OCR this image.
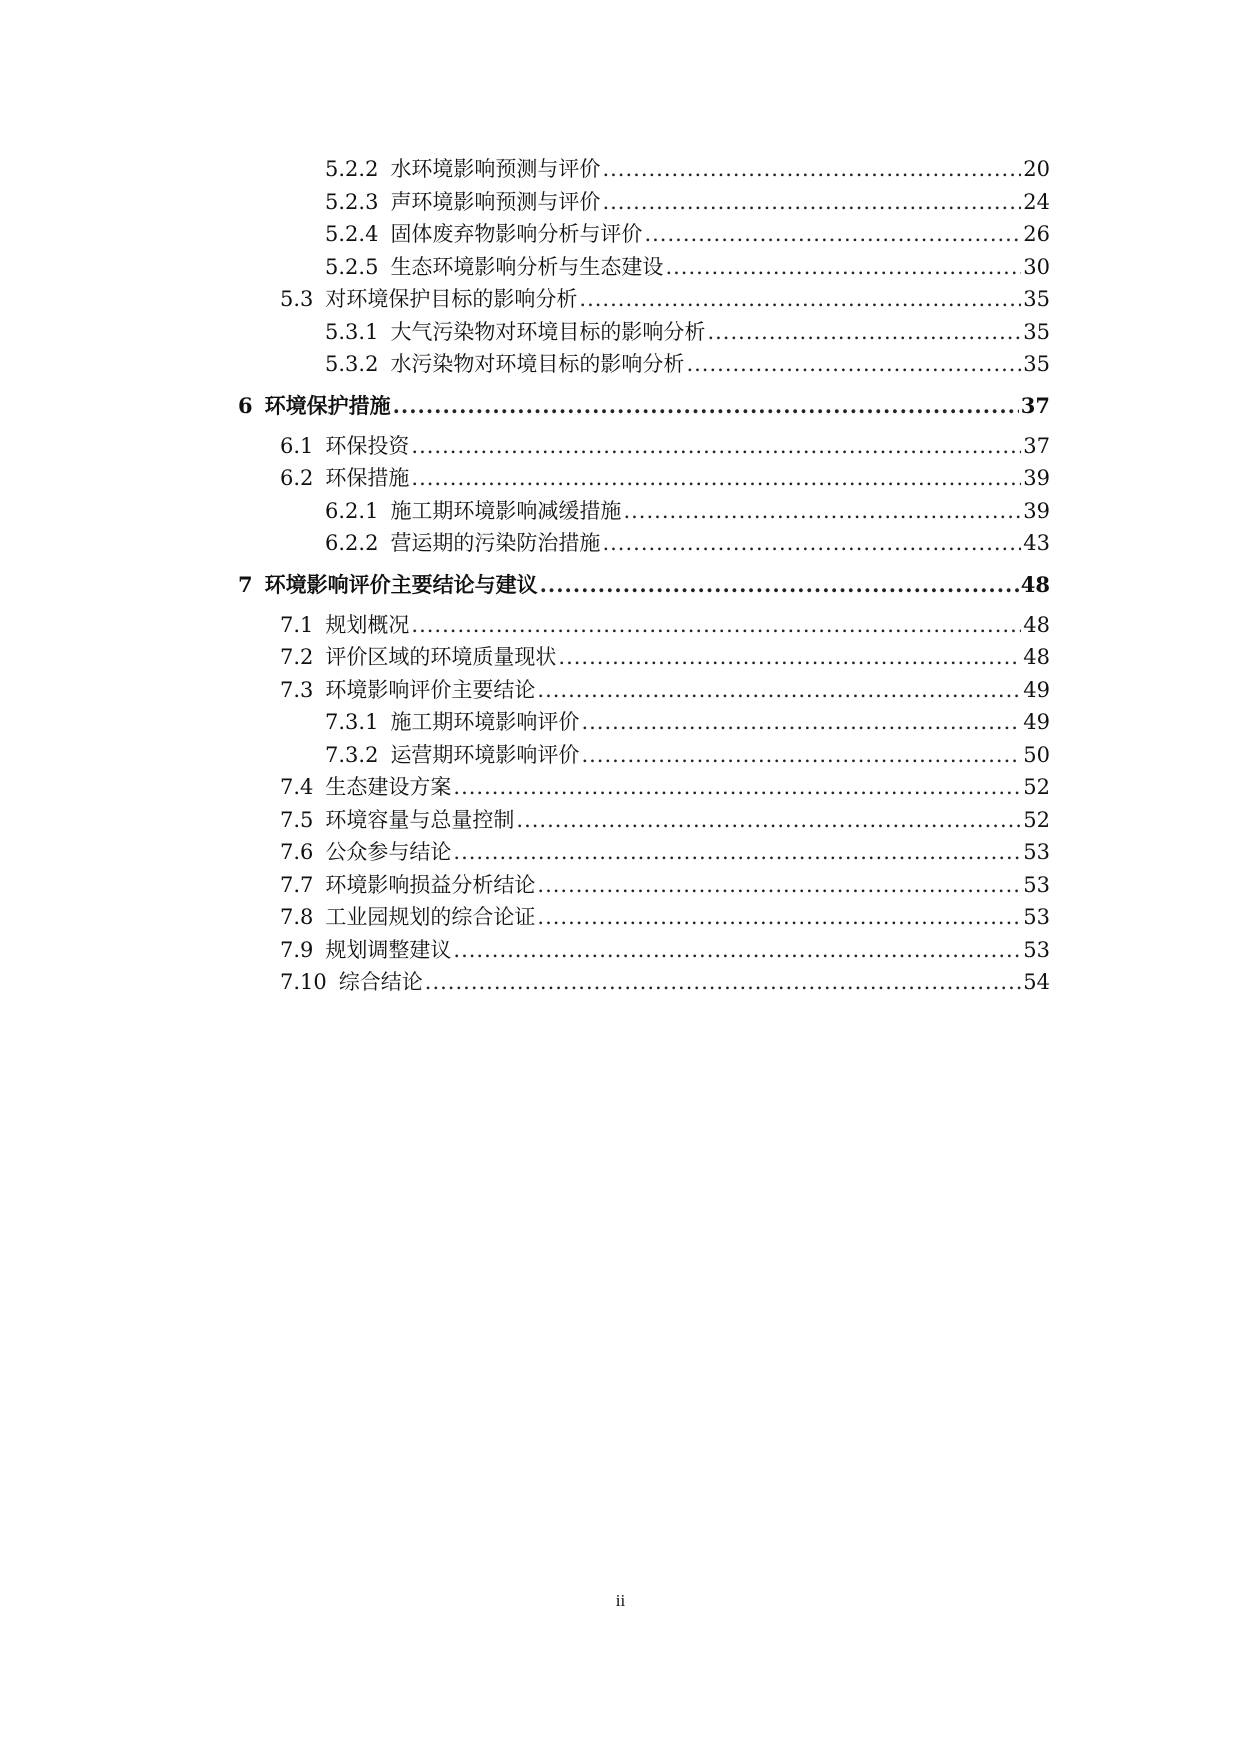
5.2.2 水环境影响预测与评价 .....	20
5.2.3 声环境影响预测与评价 .....	24
5.2.4 固体废弃物影响分析与评价 .....	26
5.2.5 生态环境影响分析与生态建设 .....	30
5.3 对环境保护目标的影响分析 .....	35
5.3.1 大气污染物对环境目标的影响分析 .....	35
5.3.2 水污染物对环境目标的影响分析 .....	35
6 环境保护措施 .....	37
6.1 环保投资 .....	37
6.2 环保措施 .....	39
6.2.1 施工期环境影响减缓措施 .....	39
6.2.2 营运期的污染防治措施 .....	43
7 环境影响评价主要结论与建议 .....	48
7.1 规划概况 .....	48
7.2 评价区域的环境质量现状 .....	48
7.3 环境影响评价主要结论 .....	49
7.3.1 施工期环境影响评价 .....	49
7.3.2 运营期环境影响评价 .....	50
7.4 生态建设方案 .....	52
7.5 环境容量与总量控制 .....	52
7.6 公众参与结论 .....	53
7.7 环境影响损益分析结论 .....	53
7.8 工业园规划的综合论证 .....	53
7.9 规划调整建议 .....	53
7.10 综合结论 .....	54
ii
